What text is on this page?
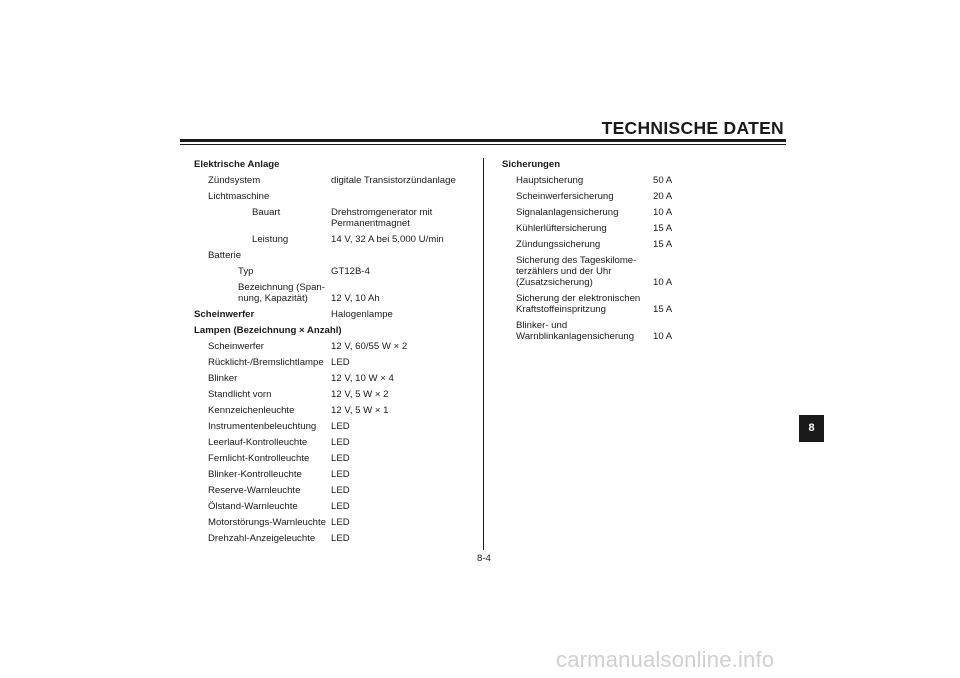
TECHNISCHE DATEN
Elektrische Anlage
Zündsystem	digitale Transistorzündanlage
Lichtmaschine
Bauart	Drehstromgenerator mit
Permanentmagnet
Leistung	14 V, 32 A bei 5.000 U/min
Batterie
Typ	GT12B-4
Bezeichnung (Span-
nung, Kapazität) 12 V, 10 Ah
Scheinwerfer	Halogenlampe
Lampen (Bezeichnung × Anzahl)
Scheinwerfer	12 V, 60/55 W × 2
Rücklicht-/Bremslichtlampe LED
Blinker	12 V, 10 W × 4
Standlicht vorn	12 V, 5 W × 2
Kennzeichenleuchte	12 V, 5 W × 1
Instrumentenbeleuchtung LED
Leerlauf-Kontrolleuchte LED
Fernlicht-Kontrolleuchte LED
Blinker-Kontrolleuchte	LED
Reserve-Warnleuchte	LED
Ölstand-Warnleuchte	LED
Motorstörungs-Warnleuchte LED
Drehzahl-Anzeigeleuchte LED
Sicherungen
Hauptsicherung	50 A
Scheinwerfersicherung	20 A
Signalanlagensicherung	10 A
Kühlerlüftersicherung	15 A
Zündungssicherung	15 A
Sicherung des Tageskilome-
terzählers und der Uhr
(Zusatzsicherung)	10 A
Sicherung der elektronischen
Kraftstoffeinspritzung	15 A
Blinker- und
Warnblinkanlagensicherung 10 A
8-4
8
carmanualsonline.info
